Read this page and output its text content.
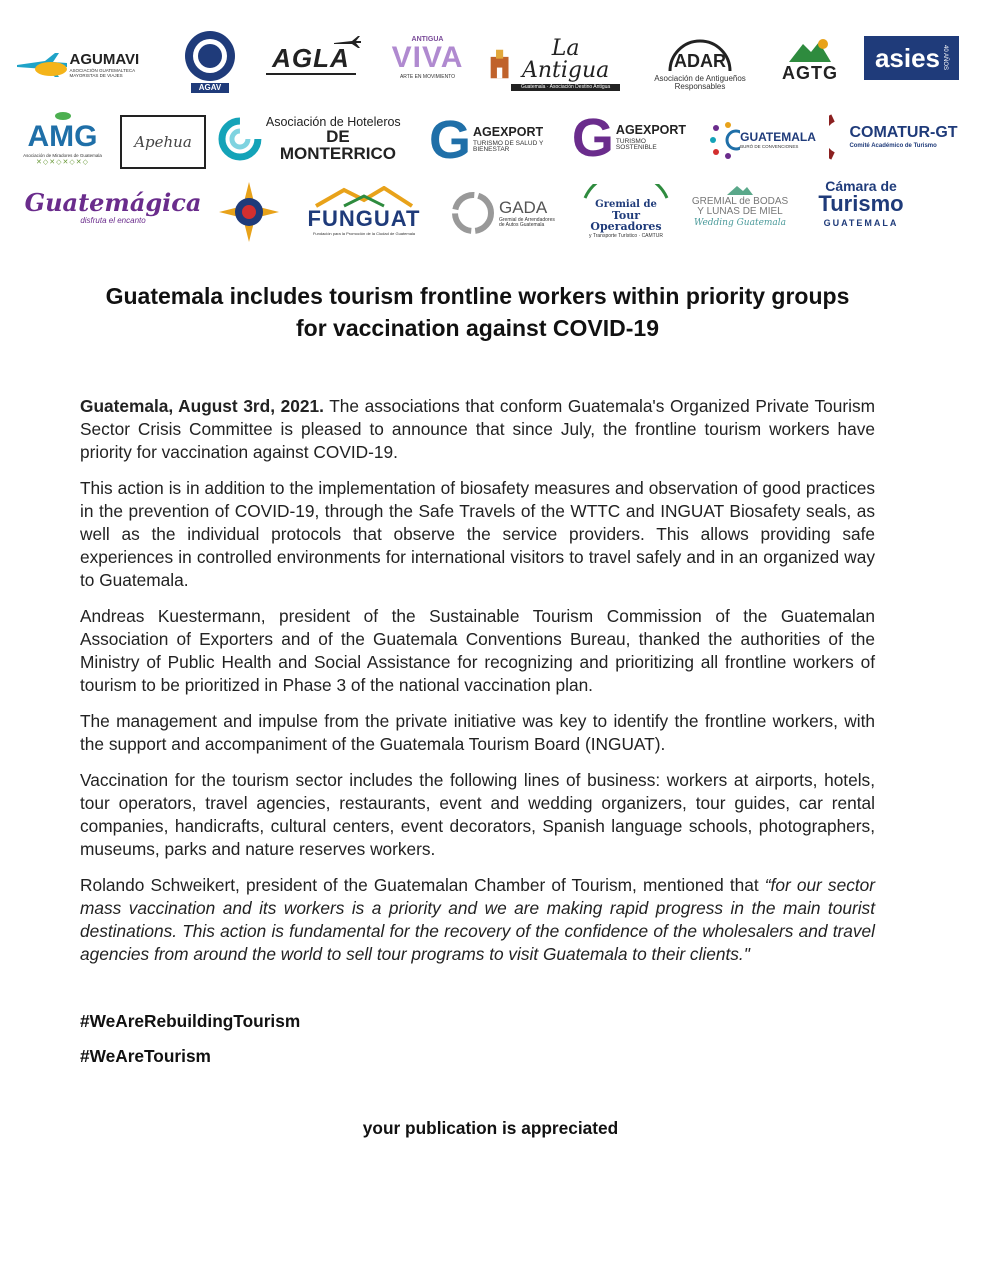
AGUMAVI
ASOCIACIÓN GUATEMALTECA MAYORISTAS DE VIAJES
AGAV
AGLA
ANTIGUA
VIVA
ARTE EN MOVIMIENTO
La Antigua
Guatemala · Asociación Destino Antigua
ADAR
Asociación de Antigueños Responsables
AGTG asies 40 AÑOS
AMG
Asociación de Miradores de Guatemala
✕◇✕◇✕◇✕◇
Apehua
Asociación de Hoteleros
DE MONTERRICO G AGEXPORT
TURISMO DE SALUD Y BIENESTAR	G AGEXPORT
TURISMO SOSTENIBLE
GUATEMALA
BURÓ DE CONVENCIONES
COMATUR-GT
Comité Académico de Turismo
Guatemágica
disfruta el encanto	FUNGUAT
Fundación para la Promoción de la Ciudad de Guatemala
GADA
Gremial de Arrendadores de Autos Guatemala
Gremial de
Tour Operadores
y Transporte Turístico · CAMTUR
GREMIAL de BODAS
Y LUNAS DE MIEL
Wedding Guatemala
Cámara de
Turismo
GUATEMALA
Guatemala includes tourism frontline workers within priority groups for vaccination against COVID-19

Guatemala, August 3rd, 2021. The associations that conform Guatemala's Organized Private Tourism Sector Crisis Committee is pleased to announce that since July, the frontline tourism workers have priority for vaccination against COVID-19.

This action is in addition to the implementation of biosafety measures and observation of good practices in the prevention of COVID-19, through the Safe Travels of the WTTC and INGUAT Biosafety seals, as well as the individual protocols that observe the service providers. This allows providing safe experiences in controlled environments for international visitors to travel safely and in an organized way to Guatemala.

Andreas Kuestermann, president of the Sustainable Tourism Commission of the Guatemalan Association of Exporters and of the Guatemala Conventions Bureau, thanked the authorities of the Ministry of Public Health and Social Assistance for recognizing and prioritizing all frontline workers of tourism to be prioritized in Phase 3 of the national vaccination plan.

The management and impulse from the private initiative was key to identify the frontline workers, with the support and accompaniment of the Guatemala Tourism Board (INGUAT).

Vaccination for the tourism sector includes the following lines of business: workers at airports, hotels, tour operators, travel agencies, restaurants, event and wedding organizers, tour guides, car rental companies, handicrafts, cultural centers, event decorators, Spanish language schools, photographers, museums, parks and nature reserves workers.

Rolando Schweikert, president of the Guatemalan Chamber of Tourism, mentioned that “for our sector mass vaccination and its workers is a priority and we are making rapid progress in the main tourist destinations. This action is fundamental for the recovery of the confidence of the wholesalers and travel agencies from around the world to sell tour programs to visit Guatemala to their clients."

#WeAreRebuildingTourism
#WeAreTourism
your publication is appreciated
